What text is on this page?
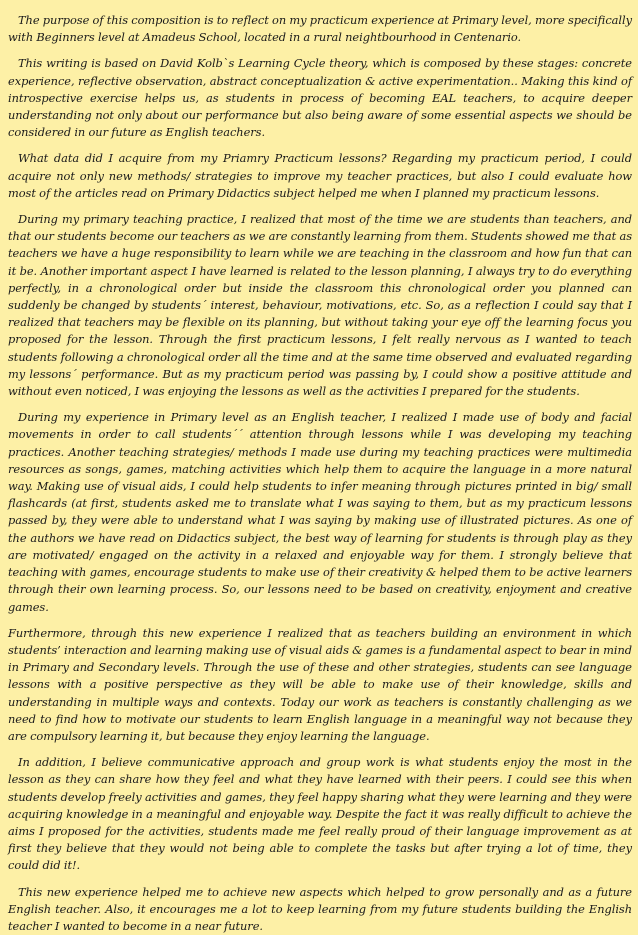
The purpose of this composition is to reflect on my practicum experience at Primary level, more specifically with Beginners level at Amadeus School, located in a rural neightbourhood in Centenario.

This writing is based on David Kolb`s Learning Cycle theory, which is composed by these stages: concrete experience, reflective observation, abstract conceptualization & active experimentation.. Making this kind of introspective exercise helps us, as students in process of becoming EAL teachers, to acquire deeper understanding not only about our performance but also being aware of some essential aspects we should be considered in our future as English teachers.

What data did I acquire from my Priamry Practicum lessons? Regarding my practicum period, I could acquire not only new methods/ strategies to improve my teacher practices, but also I could evaluate how most of the articles read on Primary Didactics subject helped me when I planned my practicum lessons.

During my primary teaching practice, I realized that most of the time we are students than teachers, and that our students become our teachers as we are constantly learning from them. Students showed me that as teachers we have a huge responsibility to learn while we are teaching in the classroom and how fun that can it be. Another important aspect I have learned is related to the lesson planning, I always try to do everything perfectly, in a chronological order but inside the classroom this chronological order you planned can suddenly be changed by students´ interest, behaviour, motivations, etc. So, as a reflection I could say that I realized that teachers may be flexible on its planning, but without taking your eye off the learning focus you proposed for the lesson. Through the first practicum lessons, I felt really nervous as I wanted to teach students following a chronological order all the time and at the same time observed and evaluated regarding my lessons´ performance. But as my practicum period was passing by, I could show a positive attitude and without even noticed, I was enjoying the lessons as well as the activities I prepared for the students.

During my experience in Primary level as an English teacher, I realized I made use of body and facial movements in order to call students´´ attention through lessons while I was developing my teaching practices. Another teaching strategies/ methods I made use during my teaching practices were multimedia resources as songs, games, matching activities which help them to acquire the language in a more natural way. Making use of visual aids, I could help students to infer meaning through pictures printed in big/ small flashcards (at first, students asked me to translate what I was saying to them, but as my practicum lessons passed by, they were able to understand what I was saying by making use of illustrated pictures. As one of the authors we have read on Didactics subject, the best way of learning for students is through play as they are motivated/ engaged on the activity in a relaxed and enjoyable way for them. I strongly believe that teaching with games, encourage students to make use of their creativity & helped them to be active learners through their own learning process. So, our lessons need to be based on creativity, enjoyment and creative games.

Furthermore, through this new experience I realized that as teachers building an environment in which students’ interaction and learning making use of visual aids & games is a fundamental aspect to bear in mind in Primary and Secondary levels. Through the use of these and other strategies, students can see language lessons with a positive perspective as they will be able to make use of their knowledge, skills and understanding in multiple ways and contexts. Today our work as teachers is constantly challenging as we need to find how to motivate our students to learn English language in a meaningful way not because they are compulsory learning it, but because they enjoy learning the language.

In addition, I believe communicative approach and group work is what students enjoy the most in the lesson as they can share how they feel and what they have learned with their peers. I could see this when students develop freely activities and games, they feel happy sharing what they were learning and they were acquiring knowledge in a meaningful and enjoyable way. Despite the fact it was really difficult to achieve the aims I proposed for the activities, students made me feel really proud of their language improvement as at first they believe that they would not being able to complete the tasks but after trying a lot of time, they could did it!.

This new experience helped me to achieve new aspects which helped to grow personally and as a future English teacher. Also, it encourages me a lot to keep learning from my future students building the English teacher I wanted to become in a near future.
